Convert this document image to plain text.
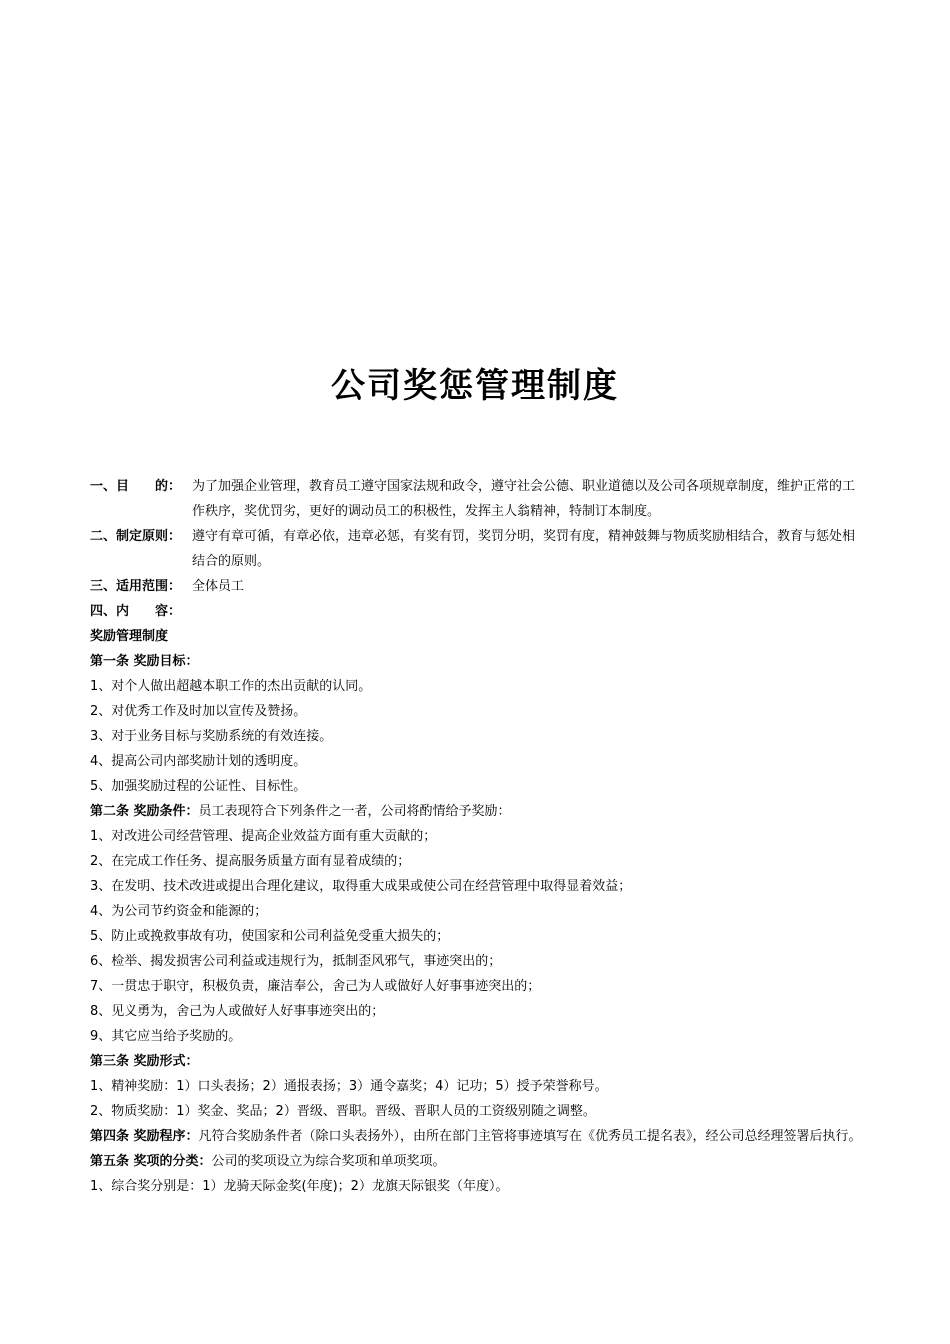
公司奖惩管理制度
一、目　　的： 为了加强企业管理，教育员工遵守国家法规和政令，遵守社会公德、职业道德以及公司各项规章制度，维护正常的工作秩序，奖优罚劣，更好的调动员工的积极性，发挥主人翁精神，特制订本制度。
二、制定原则： 遵守有章可循，有章必依，违章必惩，有奖有罚，奖罚分明，奖罚有度，精神鼓舞与物质奖励相结合，教育与惩处相结合的原则。
三、适用范围： 全体员工
四、内　　容：
奖励管理制度
第一条 奖励目标：
1、对个人做出超越本职工作的杰出贡献的认同。
2、对优秀工作及时加以宣传及赞扬。
3、对于业务目标与奖励系统的有效连接。
4、提高公司内部奖励计划的透明度。
5、加强奖励过程的公证性、目标性。
第二条 奖励条件：员工表现符合下列条件之一者，公司将酌情给予奖励：
1、对改进公司经营管理、提高企业效益方面有重大贡献的；
2、在完成工作任务、提高服务质量方面有显着成绩的；
3、在发明、技术改进或提出合理化建议，取得重大成果或使公司在经营管理中取得显着效益；
4、为公司节约资金和能源的；
5、防止或挽救事故有功，使国家和公司利益免受重大损失的；
6、检举、揭发损害公司利益或违规行为，抵制歪风邪气，事迹突出的；
7、一贯忠于职守，积极负责，廉洁奉公，舍己为人或做好人好事事迹突出的；
8、见义勇为，舍己为人或做好人好事事迹突出的；
9、其它应当给予奖励的。
第三条 奖励形式：
1、精神奖励：1）口头表扬；2）通报表扬；3）通令嘉奖；4）记功；5）授予荣誉称号。
2、物质奖励：1）奖金、奖品；2）晋级、晋职。晋级、晋职人员的工资级别随之调整。
第四条 奖励程序：凡符合奖励条件者（除口头表扬外），由所在部门主管将事迹填写在《优秀员工提名表》，经公司总经理签署后执行。
第五条 奖项的分类：公司的奖项设立为综合奖项和单项奖项。
1、综合奖分别是：1）龙骑天际金奖(年度)；2）龙旗天际银奖（年度）。
